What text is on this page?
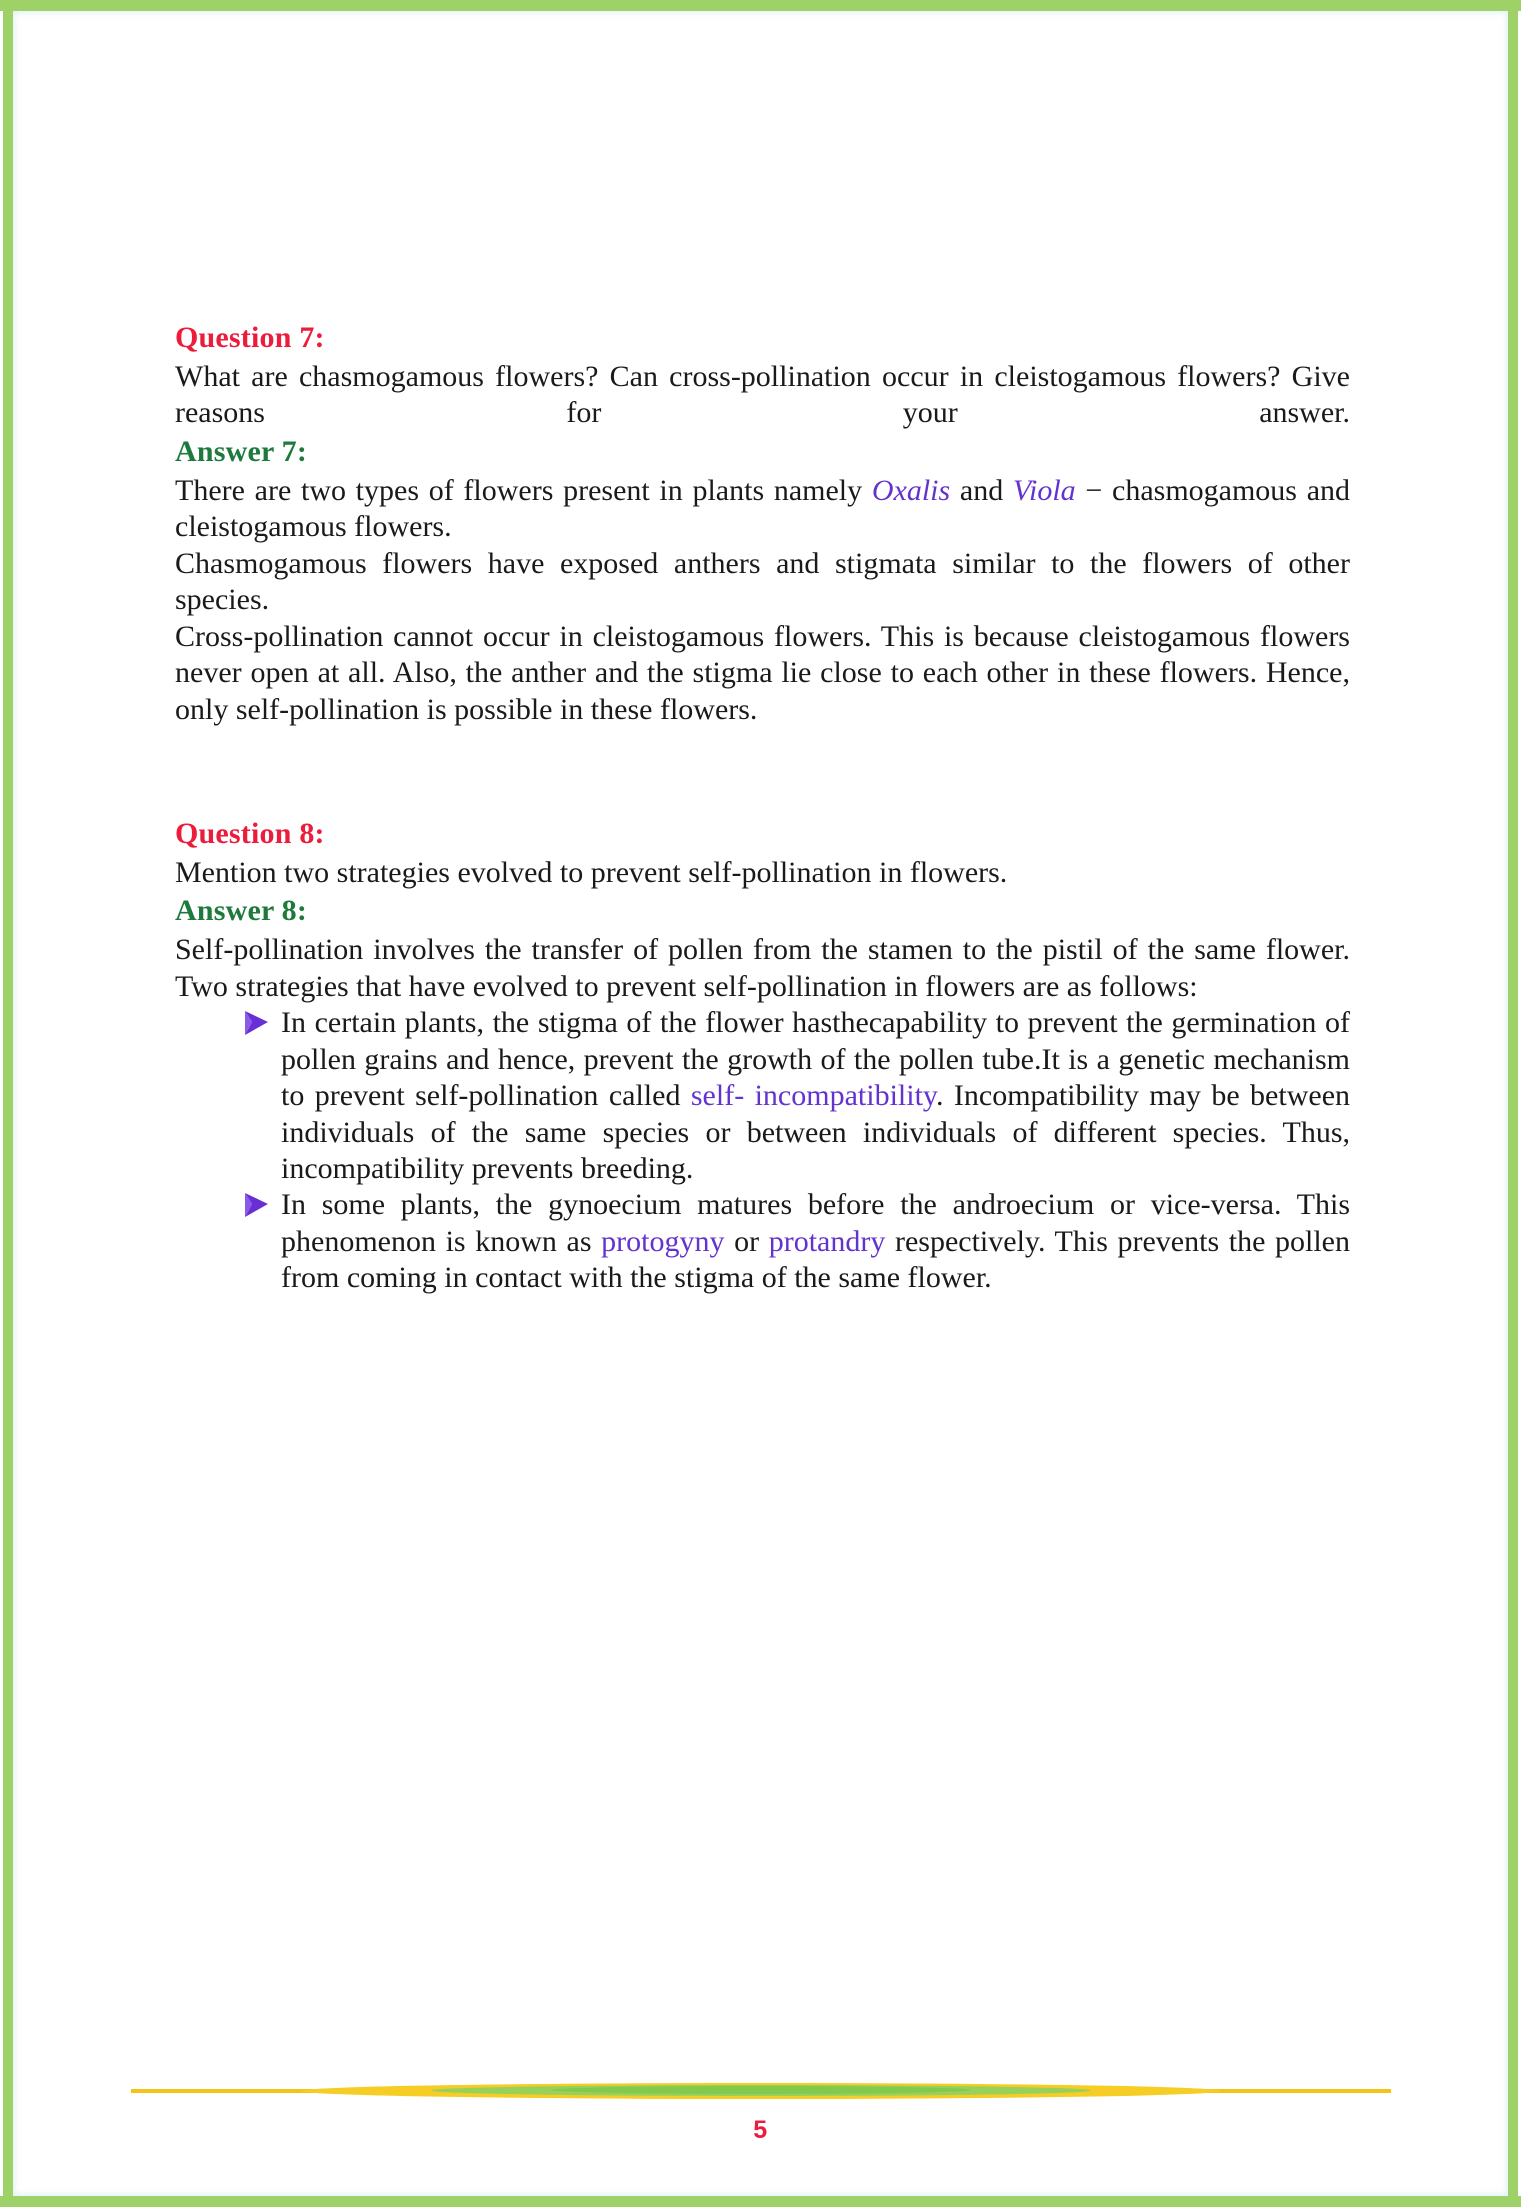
Question 7:

What are chasmogamous flowers? Can cross-pollination occur in cleistogamous flowers? Give reasons for your answer.

Answer 7:

There are two types of flowers present in plants namely Oxalis and Viola − chasmogamous and cleistogamous flowers.

Chasmogamous flowers have exposed anthers and stigmata similar to the flowers of other species.

Cross-pollination cannot occur in cleistogamous flowers. This is because cleistogamous flowers never open at all. Also, the anther and the stigma lie close to each other in these flowers. Hence, only self-pollination is possible in these flowers.

Question 8:

Mention two strategies evolved to prevent self-pollination in flowers.

Answer 8:

Self-pollination involves the transfer of pollen from the stamen to the pistil of the same flower. Two strategies that have evolved to prevent self-pollination in flowers are as follows:

In certain plants, the stigma of the flower hasthecapability to prevent the germination of pollen grains and hence, prevent the growth of the pollen tube.It is a genetic mechanism to prevent self-pollination called self- incompatibility. Incompatibility may be between individuals of the same species or between individuals of different species. Thus, incompatibility prevents breeding.
In some plants, the gynoecium matures before the androecium or vice-versa. This phenomenon is known as protogyny or protandry respectively. This prevents the pollen from coming in contact with the stigma of the same flower.
5
